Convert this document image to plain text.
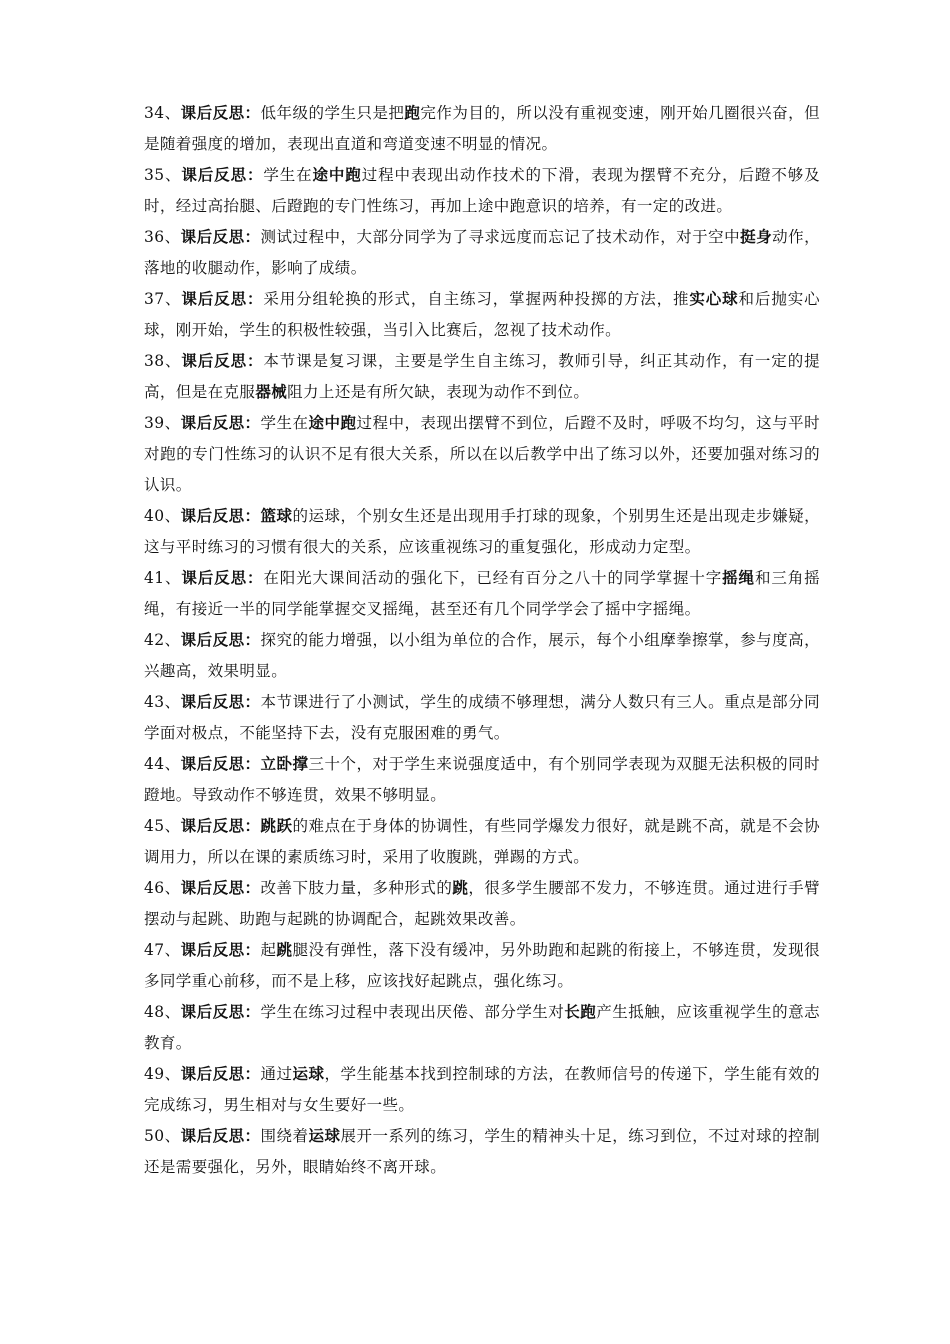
34、课后反思：低年级的学生只是把跑完作为目的，所以没有重视变速，刚开始几圈很兴奋，但是随着强度的增加，表现出直道和弯道变速不明显的情况。

35、课后反思：学生在途中跑过程中表现出动作技术的下滑，表现为摆臂不充分，后蹬不够及时，经过高抬腿、后蹬跑的专门性练习，再加上途中跑意识的培养，有一定的改进。

36、课后反思：测试过程中，大部分同学为了寻求远度而忘记了技术动作，对于空中挺身动作，落地的收腿动作，影响了成绩。

37、课后反思：采用分组轮换的形式，自主练习，掌握两种投掷的方法，推实心球和后抛实心球，刚开始，学生的积极性较强，当引入比赛后，忽视了技术动作。

38、课后反思：本节课是复习课，主要是学生自主练习，教师引导，纠正其动作，有一定的提高，但是在克服器械阻力上还是有所欠缺，表现为动作不到位。

39、课后反思：学生在途中跑过程中，表现出摆臂不到位，后蹬不及时，呼吸不均匀，这与平时对跑的专门性练习的认识不足有很大关系，所以在以后教学中出了练习以外，还要加强对练习的认识。

40、课后反思：篮球的运球，个别女生还是出现用手打球的现象，个别男生还是出现走步嫌疑，这与平时练习的习惯有很大的关系，应该重视练习的重复强化，形成动力定型。

41、课后反思：在阳光大课间活动的强化下，已经有百分之八十的同学掌握十字摇绳和三角摇绳，有接近一半的同学能掌握交叉摇绳，甚至还有几个同学学会了摇中字摇绳。

42、课后反思：探究的能力增强，以小组为单位的合作，展示，每个小组摩拳擦掌，参与度高，兴趣高，效果明显。

43、课后反思：本节课进行了小测试，学生的成绩不够理想，满分人数只有三人。重点是部分同学面对极点，不能坚持下去，没有克服困难的勇气。

44、课后反思：立卧撑三十个，对于学生来说强度适中，有个别同学表现为双腿无法积极的同时蹬地。导致动作不够连贯，效果不够明显。

45、课后反思：跳跃的难点在于身体的协调性，有些同学爆发力很好，就是跳不高，就是不会协调用力，所以在课的素质练习时，采用了收腹跳，弹踢的方式。

46、课后反思：改善下肢力量，多种形式的跳，很多学生腰部不发力，不够连贯。通过进行手臂摆动与起跳、助跑与起跳的协调配合，起跳效果改善。

47、课后反思：起跳腿没有弹性，落下没有缓冲，另外助跑和起跳的衔接上，不够连贯，发现很多同学重心前移，而不是上移，应该找好起跳点，强化练习。

48、课后反思：学生在练习过程中表现出厌倦、部分学生对长跑产生抵触，应该重视学生的意志教育。

49、课后反思：通过运球，学生能基本找到控制球的方法，在教师信号的传递下，学生能有效的完成练习，男生相对与女生要好一些。

50、课后反思：围绕着运球展开一系列的练习，学生的精神头十足，练习到位，不过对球的控制还是需要强化，另外，眼睛始终不离开球。
